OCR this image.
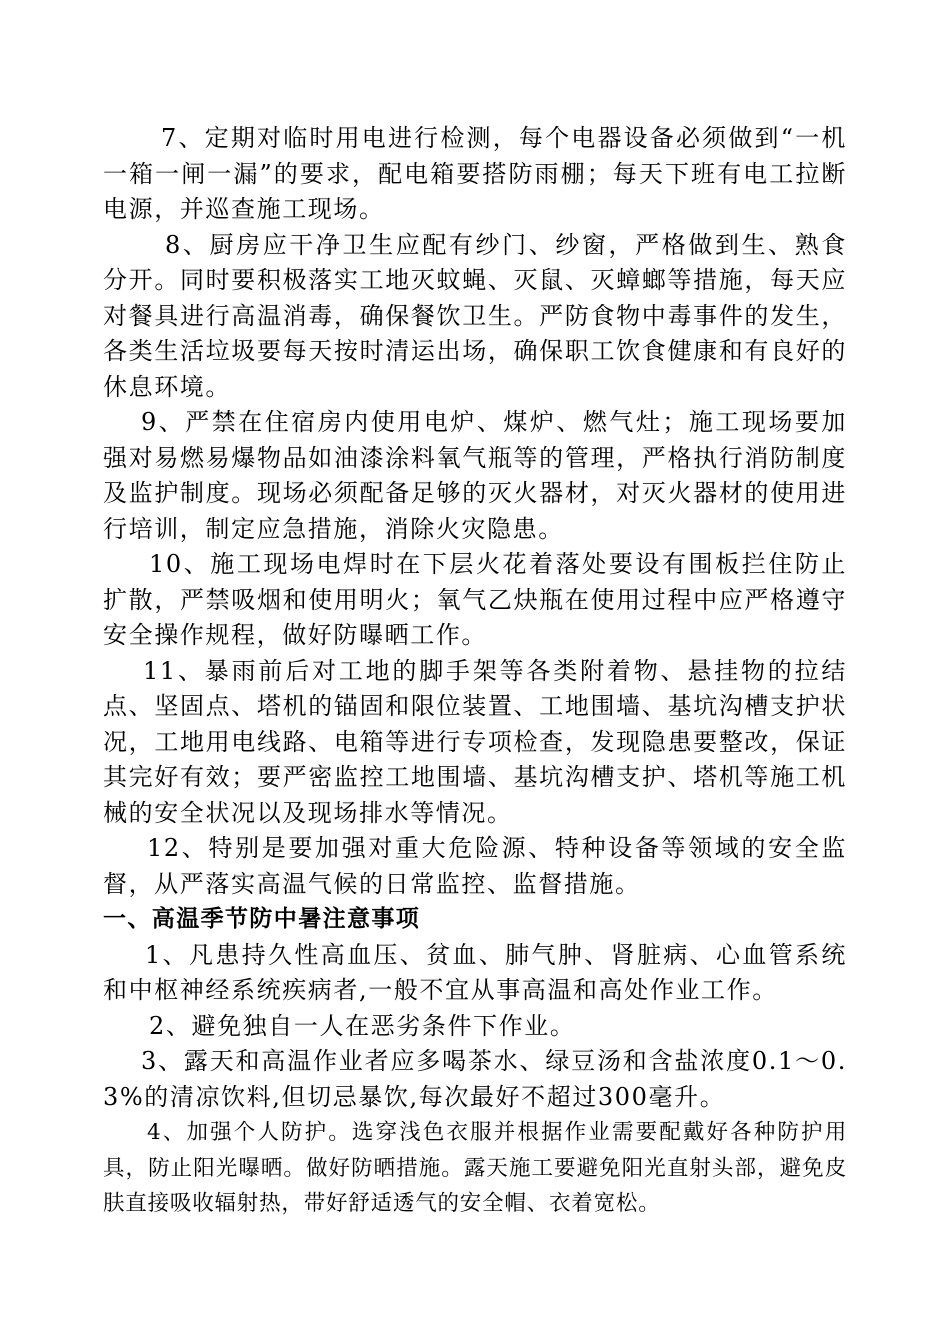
7、定期对临时用电进行检测，每个电器设备必须做到“一机一箱一闸一漏”的要求，配电箱要搭防雨棚；每天下班有电工拉断电源，并巡查施工现场。

8、厨房应干净卫生应配有纱门、纱窗，严格做到生、熟食分开。同时要积极落实工地灭蚊蝇、灭鼠、灭蟑螂等措施，每天应对餐具进行高温消毒，确保餐饮卫生。严防食物中毒事件的发生，各类生活垃圾要每天按时清运出场，确保职工饮食健康和有良好的休息环境。

9、严禁在住宿房内使用电炉、煤炉、燃气灶；施工现场要加强对易燃易爆物品如油漆涂料氧气瓶等的管理，严格执行消防制度及监护制度。现场必须配备足够的灭火器材，对灭火器材的使用进行培训，制定应急措施，消除火灾隐患。

10、施工现场电焊时在下层火花着落处要设有围板拦住防止扩散，严禁吸烟和使用明火；氧气乙炔瓶在使用过程中应严格遵守安全操作规程，做好防曝晒工作。

11、暴雨前后对工地的脚手架等各类附着物、悬挂物的拉结点、坚固点、塔机的锚固和限位装置、工地围墙、基坑沟槽支护状况，工地用电线路、电箱等进行专项检查，发现隐患要整改，保证其完好有效；要严密监控工地围墙、基坑沟槽支护、塔机等施工机械的安全状况以及现场排水等情况。

12、特别是要加强对重大危险源、特种设备等领域的安全监督，从严落实高温气候的日常监控、监督措施。

一、高温季节防中暑注意事项

1、凡患持久性高血压、贫血、肺气肿、肾脏病、心血管系统和中枢神经系统疾病者,一般不宜从事高温和高处作业工作。

2、避免独自一人在恶劣条件下作业。

3、露天和高温作业者应多喝茶水、绿豆汤和含盐浓度0.1～0.3%的清凉饮料,但切忌暴饮,每次最好不超过300毫升。

4、加强个人防护。选穿浅色衣服并根据作业需要配戴好各种防护用具，防止阳光曝晒。做好防晒措施。露天施工要避免阳光直射头部，避免皮肤直接吸收辐射热，带好舒适透气的安全帽、衣着宽松。
